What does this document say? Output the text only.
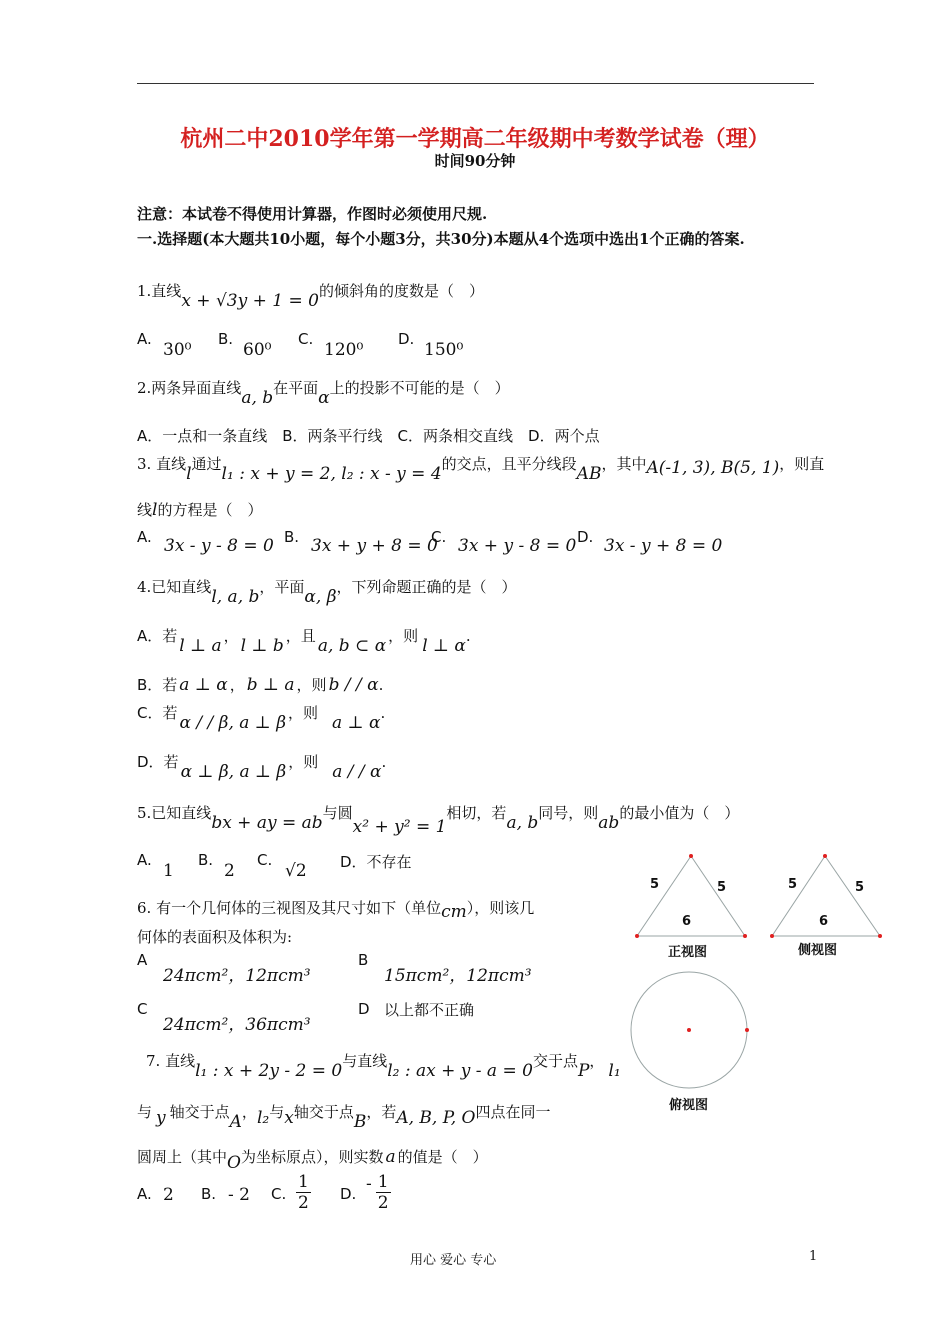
杭州二中2010学年第一学期高二年级期中考数学试卷（理）
时间90分钟
注意：本试卷不得使用计算器，作图时必须使用尺规.
一.选择题(本大题共10小题，每个小题3分，共30分)本题从4个选项中选出1个正确的答案.
1.直线x + √3y + 1 = 0的倾斜角的度数是（　）
A.
30⁰
B.
60⁰
C.
120⁰
D.
150⁰
2.两条异面直线a, b在平面α上的投影不可能的是（　）
A．一点和一条直线　B．两条平行线　C．两条相交直线　D．两个点
3. 直线l通过l₁ : x + y = 2, l₂ : x - y = 4的交点，且平分线段AB，其中A(-1, 3), B(5, 1)，则直
线l的方程是（　）
A. 3x - y - 8 = 0 B. 3x + y + 8 = 0
C. 3x + y - 8 = 0 D. 3x - y + 8 = 0
4.已知直线l, a, b，平面α, β，下列命题正确的是（　）
A．若 l ⊥ a ， l ⊥ b ，且 a, b ⊂ α ，则 l ⊥ α.
B．若 a ⊥ α ， b ⊥ a ，则 b / / α.
C．若 α / / β, a ⊥ β ，则 a ⊥ α.
D．若 α ⊥ β, a ⊥ β ，则 a / / α.
5.已知直线bx + ay = ab与圆x² + y² = 1相切，若a, b同号，则ab的最小值为（　）
A.
1
B.
2
C.
√2 D．不存在
6. 有一个几何体的三视图及其尺寸如下（单位cm），则该几
何体的表面积及体积为:
A
24πcm²，12πcm³
B
15πcm²，12πcm³
C
24πcm²，36πcm³
D 以上都不正确
7. 直线l₁ : x + 2y - 2 = 0与直线l₂ : ax + y - a = 0交于点P， l₁
与 y 轴交于点A，l₂与x轴交于点B，若A, B, P, O四点在同一
圆周上（其中O为坐标原点），则实数 a 的值是（　）
A. 2 B. - 2 C. $\frac{1}{2} D$. - $\frac{1}{2}$
5	5
6
正视图
5	5
6
侧视图
俯视图
用心 爱心 专心	1
